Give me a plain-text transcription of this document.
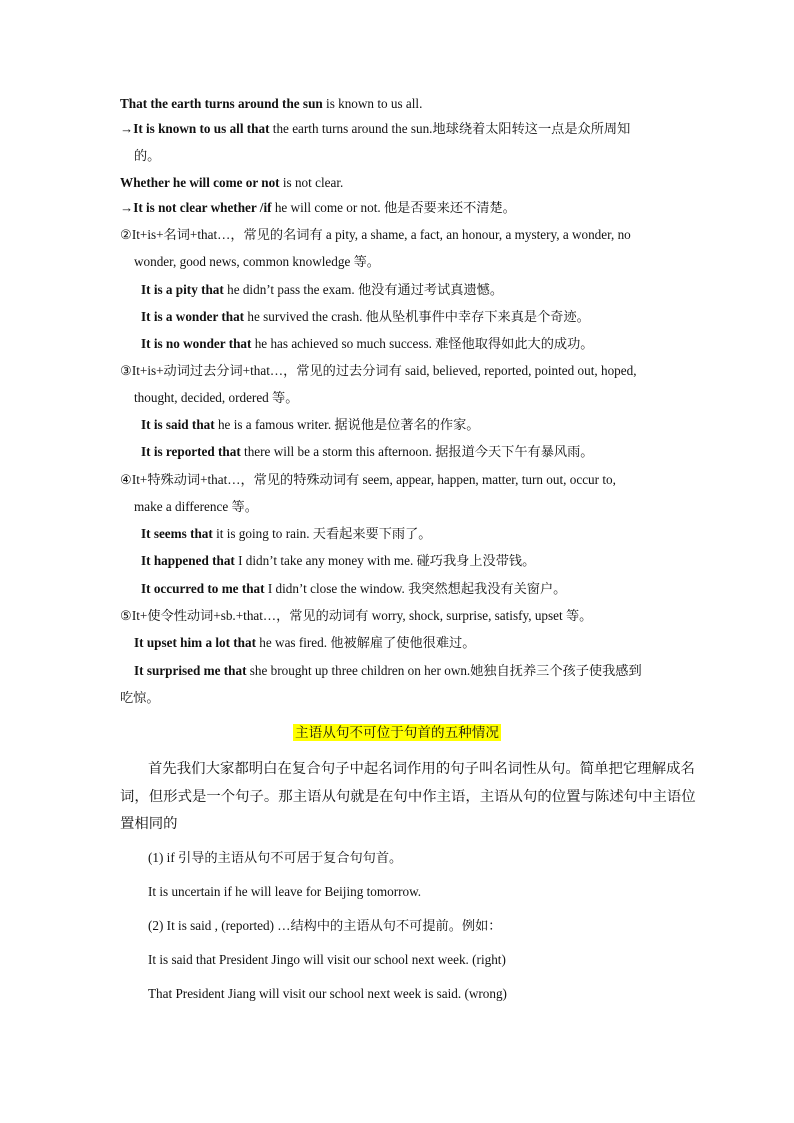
That the earth turns around the sun is known to us all.
→It is known to us all that the earth turns around the sun.地球绕着太阳转这一点是众所周知
的。
Whether he will come or not is not clear.
→It is not clear whether /if he will come or not. 他是否要来还不清楚。
②It+is+名词+that…，常见的名词有 a pity, a shame, a fact, an honour, a mystery, a wonder, no
wonder, good news, common knowledge 等。
It is a pity that he didn’t pass the exam. 他没有通过考试真遗憾。
It is a wonder that he survived the crash. 他从坠机事件中幸存下来真是个奇迹。
It is no wonder that he has achieved so much success. 难怪他取得如此大的成功。
③It+is+动词过去分词+that…，常见的过去分词有 said, believed, reported, pointed out, hoped,
thought, decided, ordered 等。
It is said that he is a famous writer. 据说他是位著名的作家。
It is reported that there will be a storm this afternoon. 据报道今天下午有暴风雨。
④It+特殊动词+that…，常见的特殊动词有 seem, appear, happen, matter, turn out, occur to,
make a difference 等。
It seems that it is going to rain. 天看起来要下雨了。
It happened that I didn’t take any money with me. 碰巧我身上没带钱。
It occurred to me that I didn’t close the window. 我突然想起我没有关窗户。
⑤It+使令性动词+sb.+that…，常见的动词有 worry, shock, surprise, satisfy, upset 等。
It upset him a lot that he was fired. 他被解雇了使他很难过。
It surprised me that she brought up three children on her own.她独自抚养三个孩子使我感到
吃惊。
主语从句不可位于句首的五种情况
首先我们大家都明白在复合句子中起名词作用的句子叫名词性从句。简单把它理解成名
词，但形式是一个句子。那主语从句就是在句中作主语，主语从句的位置与陈述句中主语位
置相同的
(1) if 引导的主语从句不可居于复合句句首。
It is uncertain if he will leave for Beijing tomorrow.
(2) It is said , (reported) …结构中的主语从句不可提前。例如：
It is said that President Jingo will visit our school next week. (right)
That President Jiang will visit our school next week is said. (wrong)
